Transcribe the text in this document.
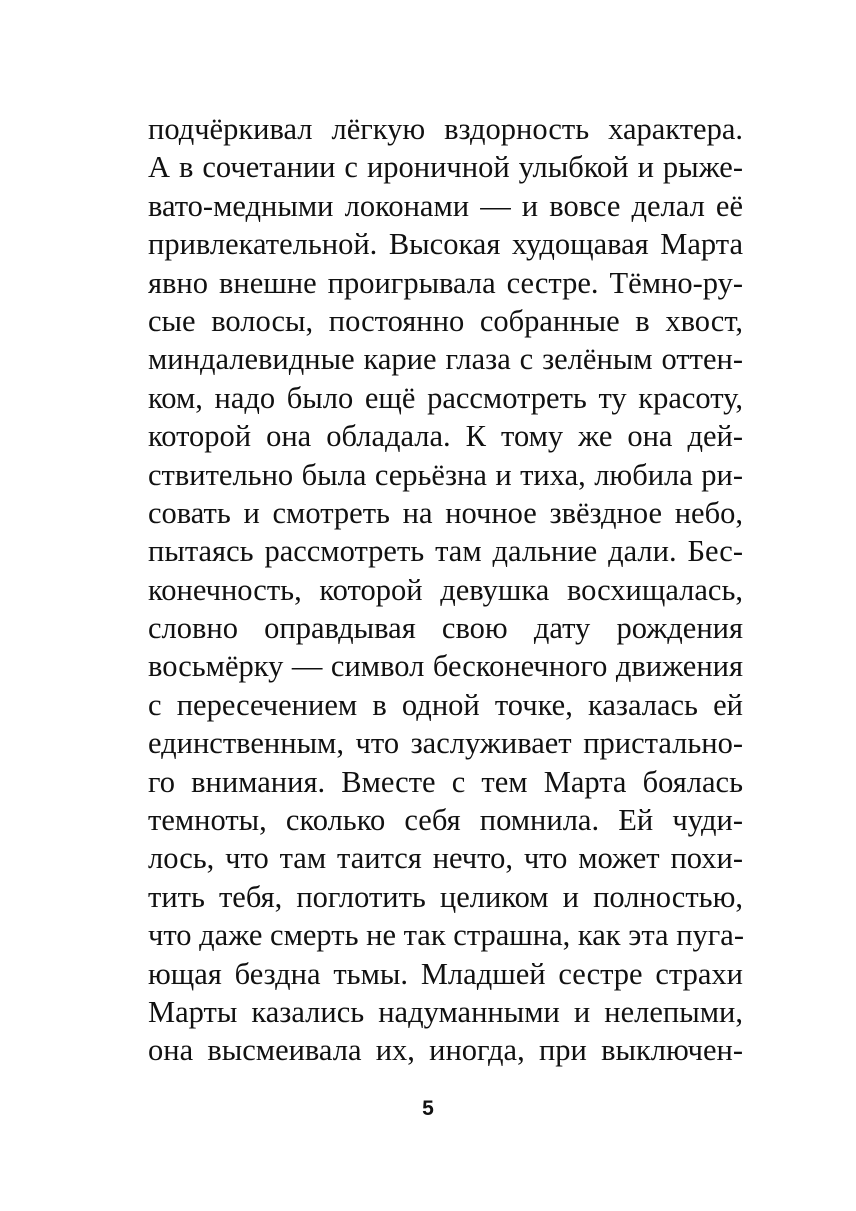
подчёркивал лёгкую вздорность характера.
А в сочетании с ироничной улыбкой и рыже-
вато-медными локонами — и вовсе делал её
привлекательной. Высокая худощавая Марта
явно внешне проигрывала сестре. Тёмно-ру-
сые волосы, постоянно собранные в хвост,
миндалевидные карие глаза с зелёным оттен-
ком, надо было ещё рассмотреть ту красоту,
которой она обладала. К тому же она дей-
ствительно была серьёзна и тиха, любила ри-
совать и смотреть на ночное звёздное небо,
пытаясь рассмотреть там дальние дали. Бес-
конечность, которой девушка восхищалась,
словно оправдывая свою дату рождения
восьмёрку — символ бесконечного движения
с пересечением в одной точке, казалась ей
единственным, что заслуживает пристально-
го внимания. Вместе с тем Марта боялась
темноты, сколько себя помнила. Ей чуди-
лось, что там таится нечто, что может похи-
тить тебя, поглотить целиком и полностью,
что даже смерть не так страшна, как эта пуга-
ющая бездна тьмы. Младшей сестре страхи
Марты казались надуманными и нелепыми,
она высмеивала их, иногда, при выключен-
5
